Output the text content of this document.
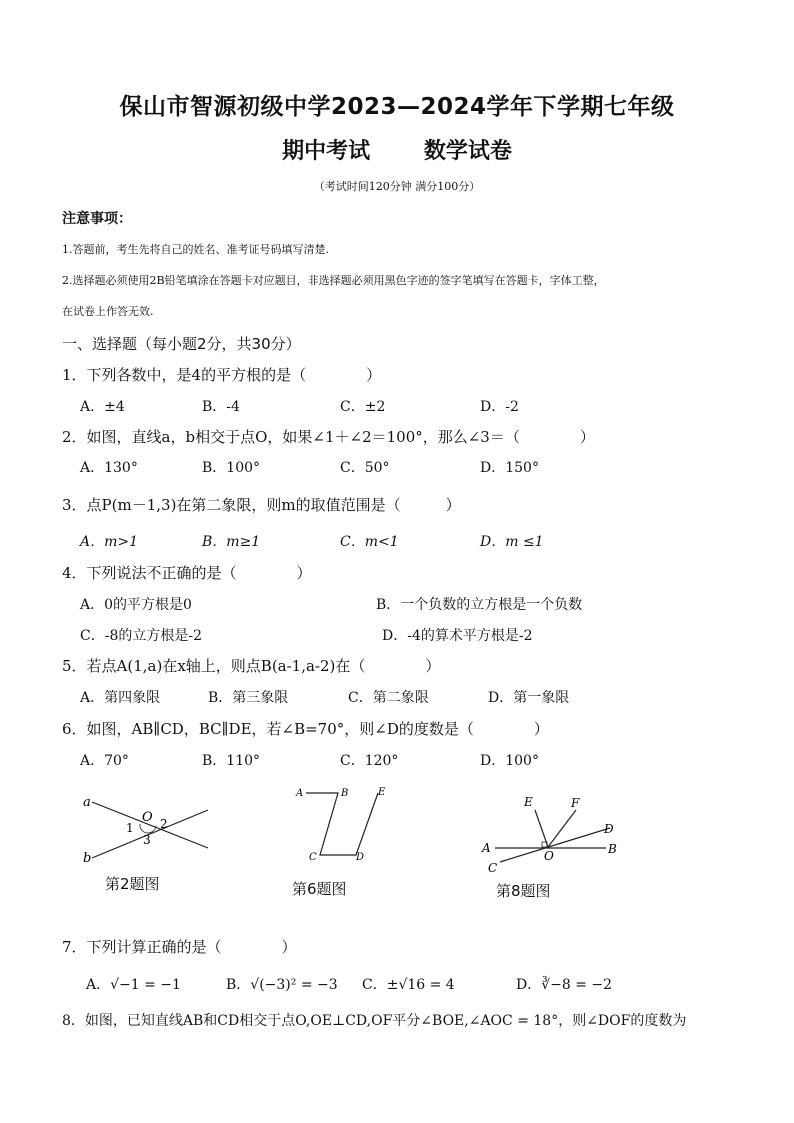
保山市智源初级中学2023—2024学年下学期七年级
期中考试 数学试卷
（考试时间120分钟 满分100分）
注意事项：
1.答题前，考生先将自己的姓名、准考证号码填写清楚.
2.选择题必须使用2B铅笔填涂在答题卡对应题目，非选择题必须用黑色字迹的签字笔填写在答题卡，字体工整，
在试卷上作答无效.
一、选择题（每小题2分，共30分）
1．下列各数中，是4的平方根的是（　　　　）
A．±4	B．-4	C．±2	D．-2
2．如图，直线a，b相交于点O，如果∠1＋∠2＝100°，那么∠3＝（　　　　）
A．130°	B．100°	C．50°	D．150°
3．点P(m－1,3)在第二象限，则m的取值范围是（　　　）
A．m>1	B．m≥1	C．m<1	D．m ≤1
4．下列说法不正确的是（　　　　）
A．0的平方根是0	B．一个负数的立方根是一个负数
C．-8的立方根是-2	D．-4的算术平方根是-2
5．若点A(1,a)在x轴上，则点B(a-1,a-2)在（　　　　）
A．第四象限	B．第三象限	C．第二象限	D．第一象限
6．如图，AB∥CD，BC∥DE，若∠B=70°，则∠D的度数是（　　　　）
A．70°	B．110°	C．120°	D．100°
a
b
O
1 2
3
第2题图
A	B
C	D
E
第6题图
E	F
D
A
O	B
C
第8题图
7．下列计算正确的是（　　　　）
A．√−1 = −1	B．√(−3)² = −3 C．±√16 = 4	D．∛−8 = −2
8．如图，已知直线AB和CD相交于点O,OE⊥CD,OF平分∠BOE,∠AOC = 18°，则∠DOF的度数为
